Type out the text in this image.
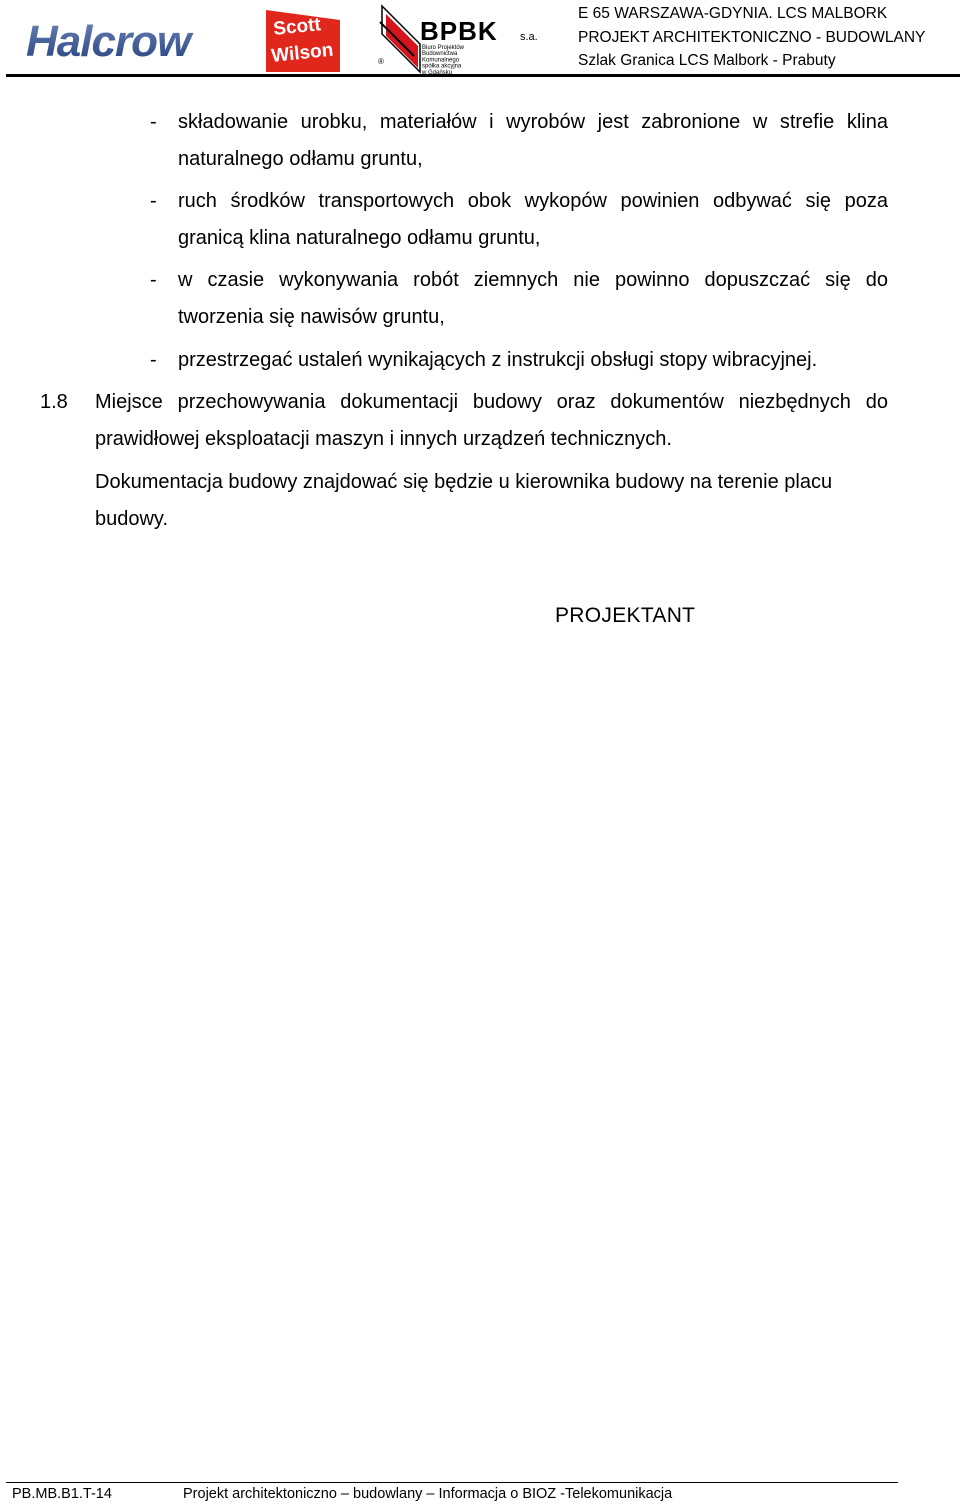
Halcrow	Scott
Wilson	®
BPBK s.a.
Biuro Projektów
Budownictwa
Komunalnego
spółka akcyjna
w Gdańsku
E 65 WARSZAWA-GDYNIA. LCS MALBORK
PROJEKT ARCHITEKTONICZNO - BUDOWLANY
Szlak Granica LCS Malbork - Prabuty
- składowanie urobku, materiałów i wyrobów jest zabronione w strefie klina naturalnego odłamu gruntu,
- ruch środków transportowych obok wykopów powinien odbywać się poza granicą klina naturalnego odłamu gruntu,
- w czasie wykonywania robót ziemnych nie powinno dopuszczać się do tworzenia się nawisów gruntu,
- przestrzegać ustaleń wynikających z instrukcji obsługi stopy wibracyjnej.
1.8 Miejsce przechowywania dokumentacji budowy oraz dokumentów niezbędnych do prawidłowej eksploatacji maszyn i innych urządzeń technicznych.
Dokumentacja budowy znajdować się będzie u kierownika budowy na terenie placu budowy.
PROJEKTANT
PB.MB.B1.T-14	Projekt architektoniczno – budowlany – Informacja o BIOZ -Telekomunikacja
